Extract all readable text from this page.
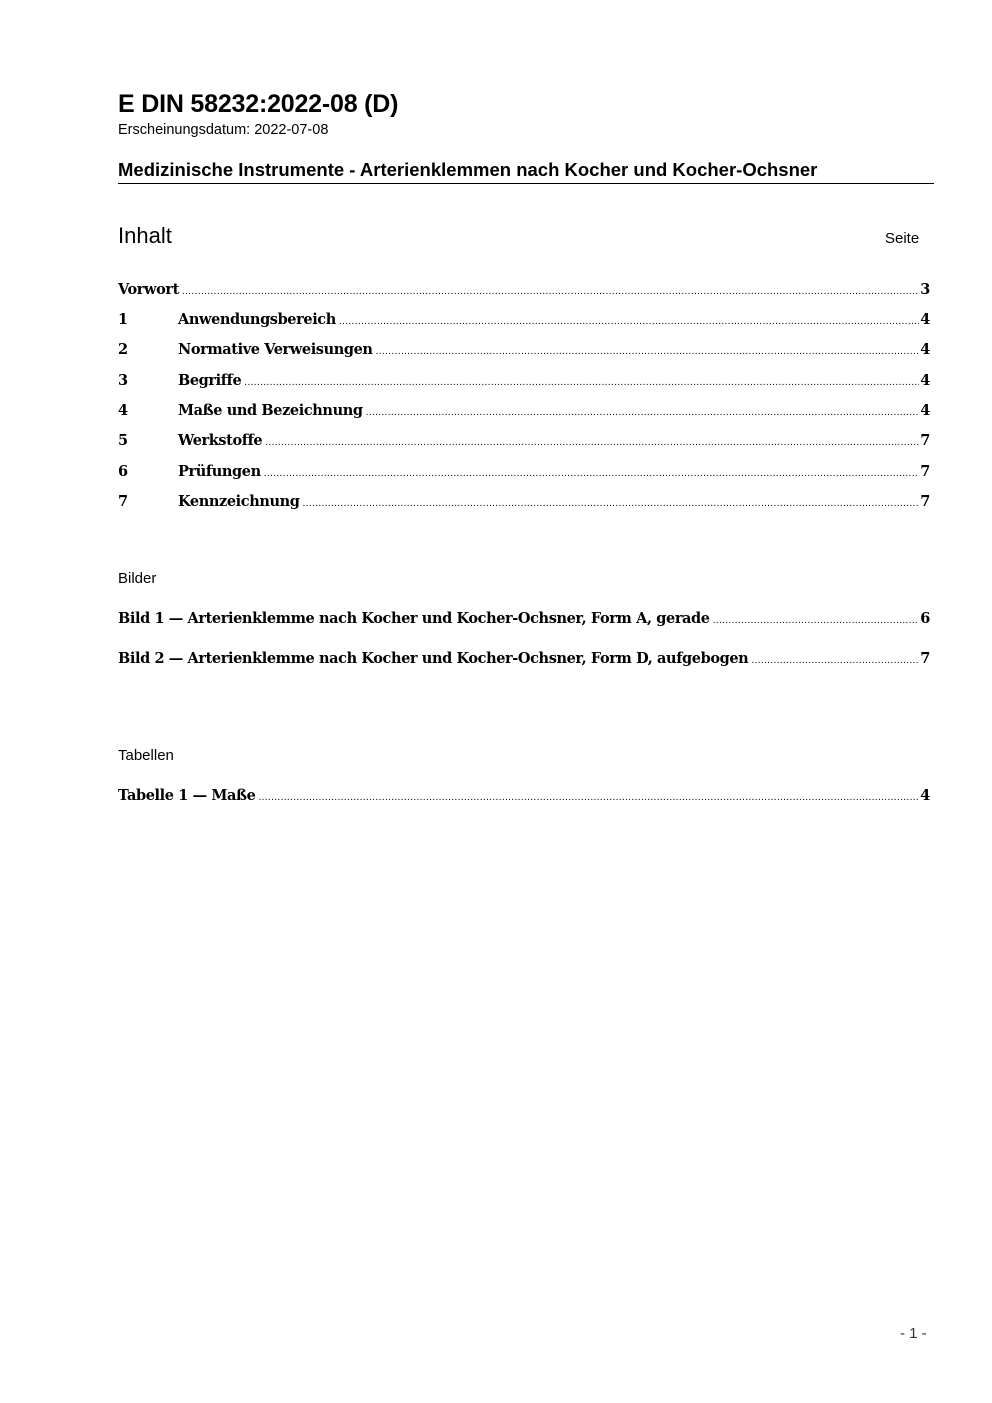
E DIN 58232:2022-08 (D)
Erscheinungsdatum: 2022-07-08
Medizinische Instrumente - Arterienklemmen nach Kocher und Kocher-Ochsner
Inhalt	Seite
Vorwort .....	3
1	Anwendungsbereich .....	4
2	Normative Verweisungen .....	4
3	Begriffe .....	4
4	Maße und Bezeichnung .....	4
5	Werkstoffe .....	7
6	Prüfungen .....	7
7	Kennzeichnung .....	7
Bilder
Bild 1 — Arterienklemme nach Kocher und Kocher-Ochsner, Form A, gerade .....	6
Bild 2 — Arterienklemme nach Kocher und Kocher-Ochsner, Form D, aufgebogen .....	7
Tabellen
Tabelle 1 — Maße .....	4
- 1 -
